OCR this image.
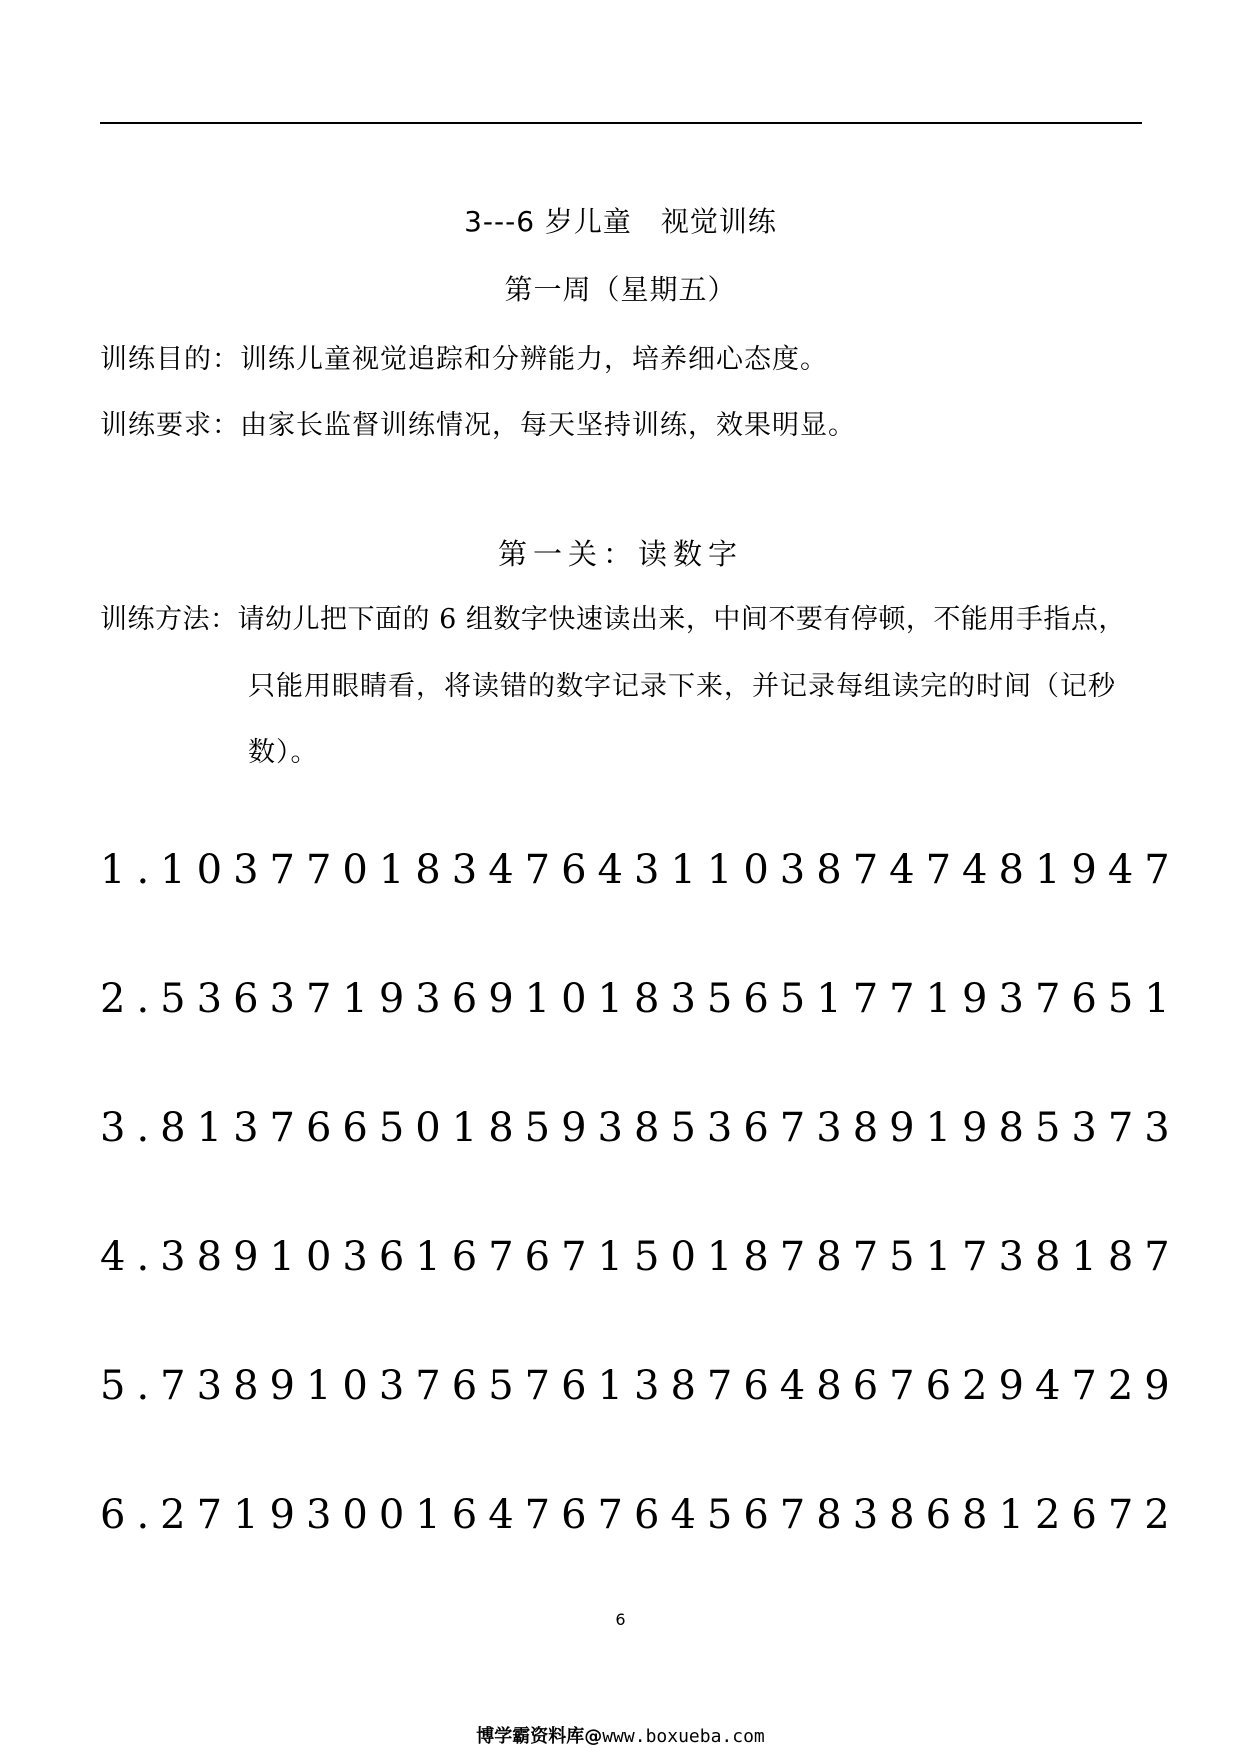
3---6 岁儿童　视觉训练
第一周（星期五）
训练目的：训练儿童视觉追踪和分辨能力，培养细心态度。
训练要求：由家长监督训练情况，每天坚持训练，效果明显。
第一关：读数字
训练方法：请幼儿把下面的 6 组数字快速读出来，中间不要有停顿，不能用手指点，
只能用眼睛看，将读错的数字记录下来，并记录每组读完的时间（记秒
数）。
1.1037701834764311038747481947
2.5363719369101835651771937651
3.8137665018593853673891985373
4.3891036167671501878751738187
5.7389103765761387648676294729
6.2719300164767645678386812672
6
博学霸资料库@www.boxueba.com
